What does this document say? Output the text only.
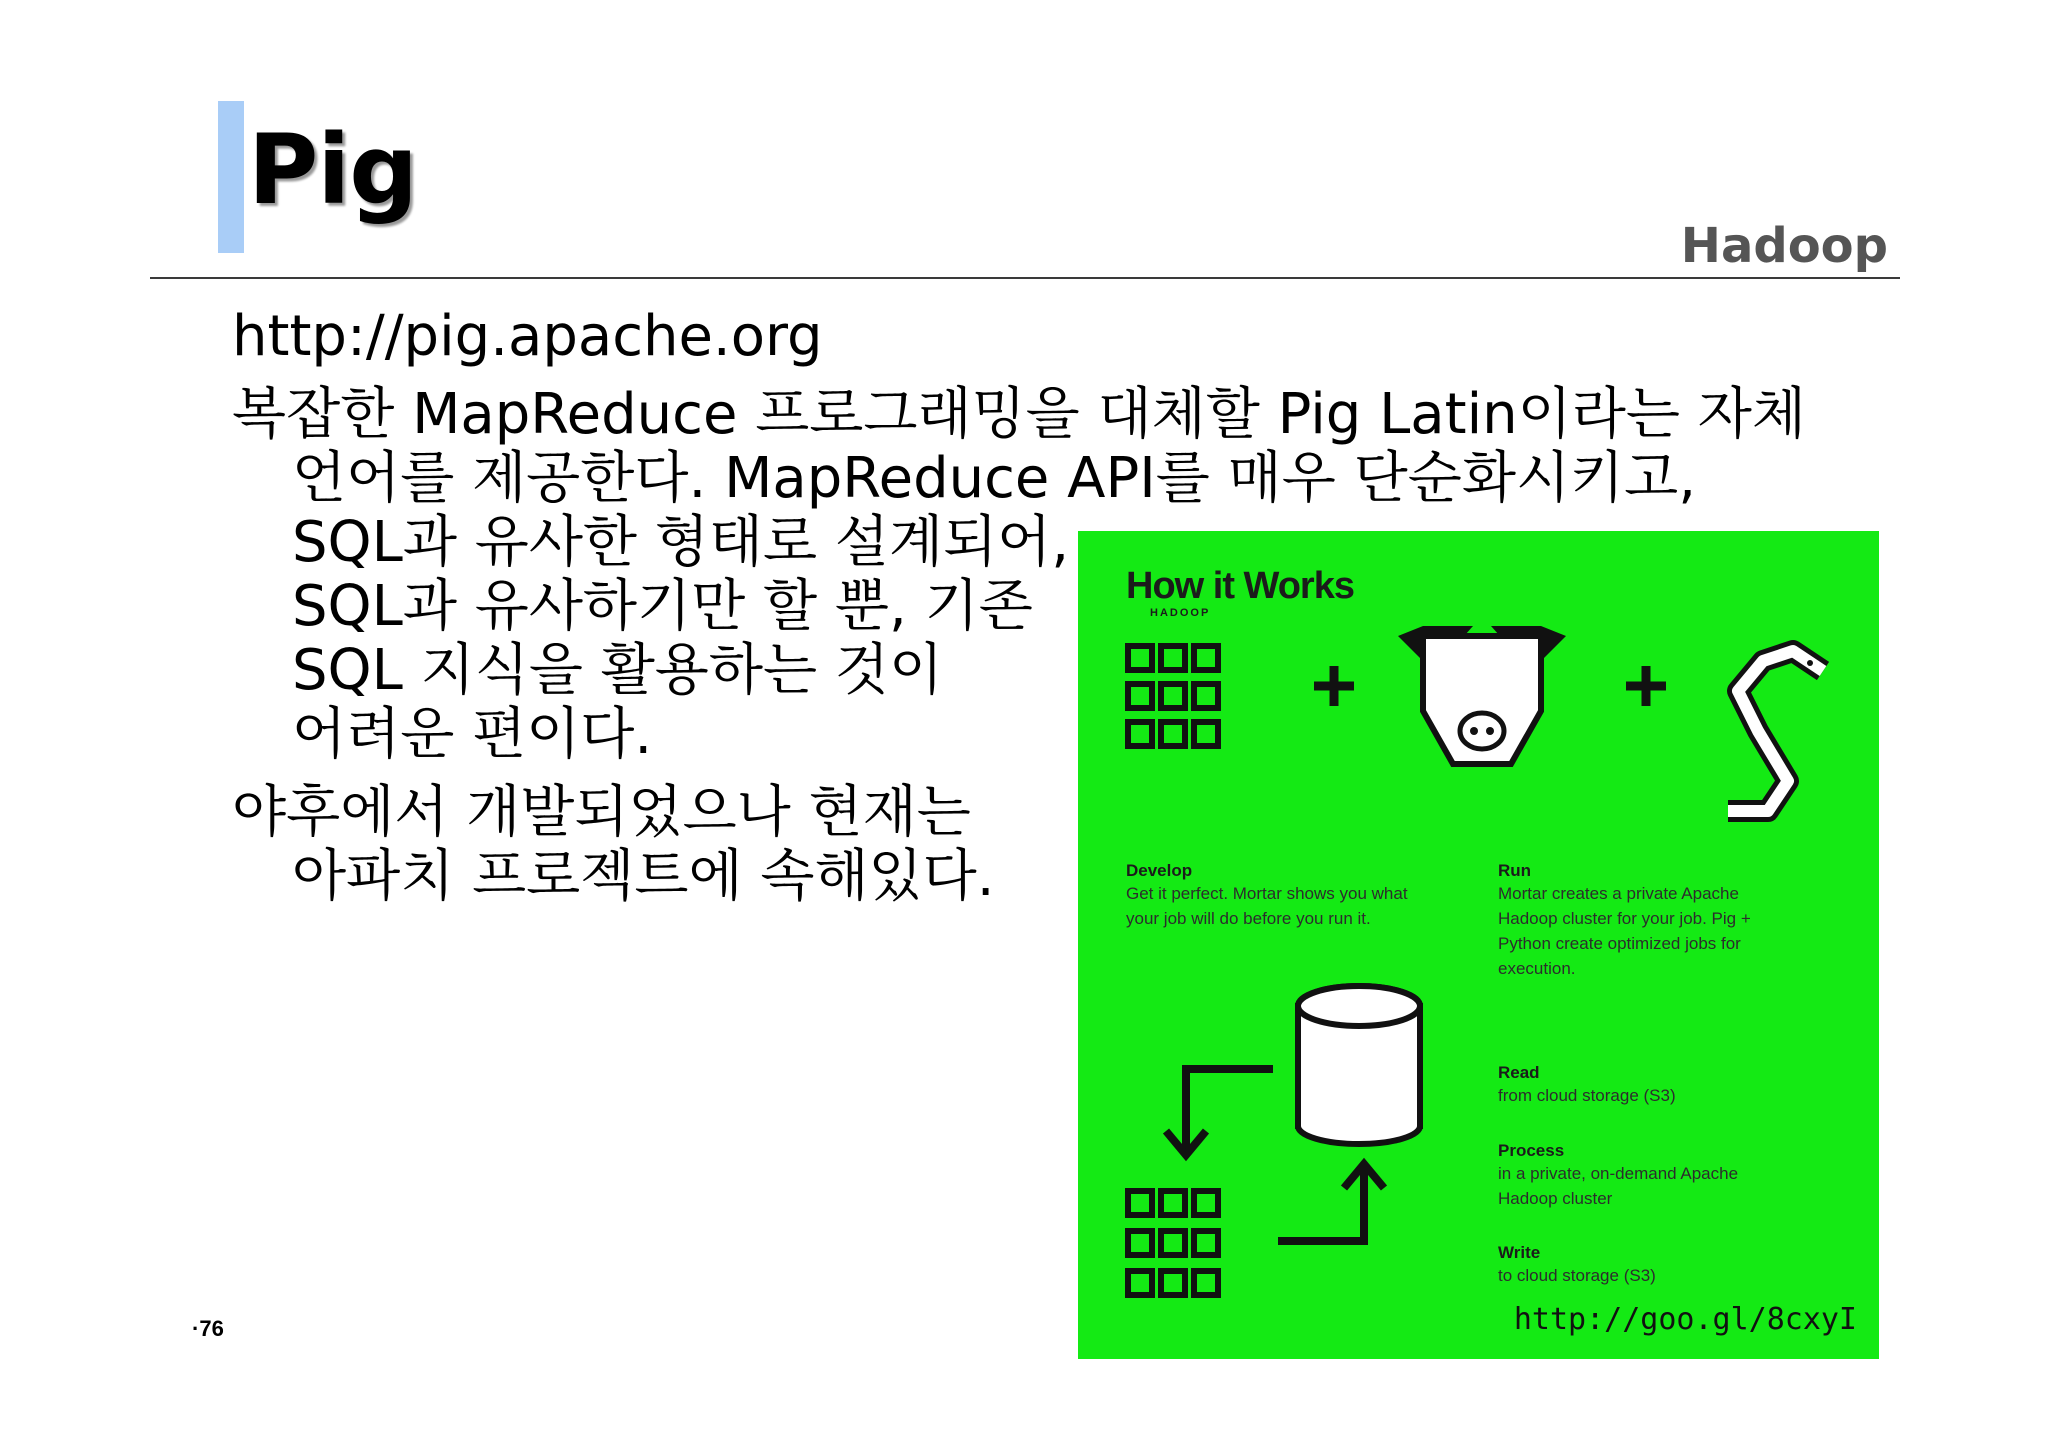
Pig
Hadoop
http://pig.apache.org
복잡한 MapReduce 프로그래밍을 대체할 Pig Latin이라는 자체
언어를 제공한다. MapReduce API를 매우 단순화시키고,
SQL과 유사한 형태로 설계되어,
SQL과 유사하기만 할 뿐, 기존
SQL 지식을 활용하는 것이
어려운 편이다.
야후에서 개발되었으나 현재는
아파치 프로젝트에 속해있다.
How it Works
HADOOP
Develop
Get it perfect. Mortar shows you what
your job will do before you run it.
Run
Mortar creates a private Apache
Hadoop cluster for your job. Pig +
Python create optimized jobs for
execution.
Read
from cloud storage (S3)
Process
in a private, on-demand Apache
Hadoop cluster
Write
to cloud storage (S3)
http://goo.gl/8cxyI
·76
